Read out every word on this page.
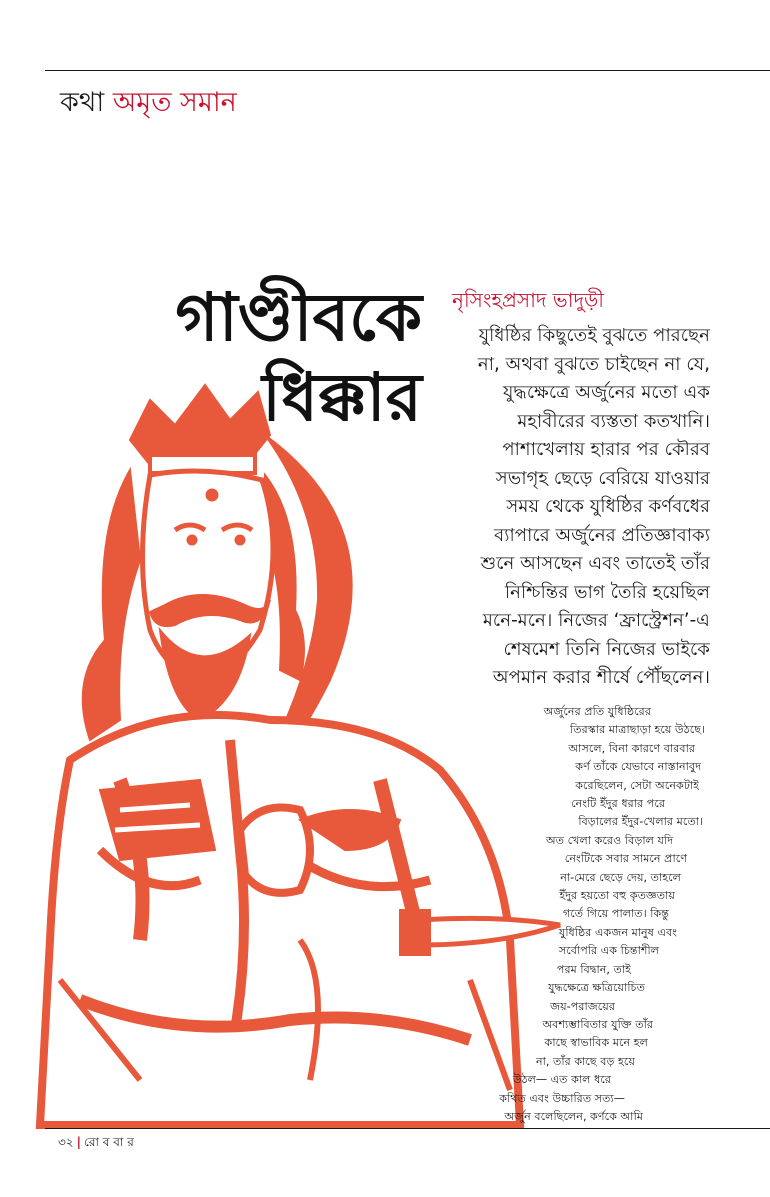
কথা অমৃত সমান
গাণ্ডীবকে
ধিক্কার
নৃসিংহপ্রসাদ ভাদুড়ী
যুধিষ্ঠির কিছুতেই বুঝতে পারছেন
না, অথবা বুঝতে চাইছেন না যে,
যুদ্ধক্ষেত্রে অর্জুনের মতো এক
মহাবীরের ব্যস্ততা কতখানি।
পাশাখেলায় হারার পর কৌরব
সভাগৃহ ছেড়ে বেরিয়ে যাওয়ার
সময় থেকে যুধিষ্ঠির কর্ণবধের
ব্যাপারে অর্জুনের প্রতিজ্ঞাবাক্য
শুনে আসছেন এবং তাতেই তাঁর
নিশ্চিন্তির ভাগ তৈরি হয়েছিল
মনে-মনে। নিজের ‘ফ্রাস্ট্রেশন’-এ
শেষমেশ তিনি নিজের ভাইকে
অপমান করার শীর্ষে পৌঁছলেন।
অর্জুনের প্রতি যুধিষ্ঠিরের
তিরস্কার মাত্রাছাড়া হয়ে উঠছে।
আসলে, বিনা কারণে বারবার
কর্ণ তাঁকে যেভাবে নাস্তানাবুদ
করেছিলেন, সেটা অনেকটাই
নেংটি ইঁদুর ধরার পরে
বিড়ালের ইঁদুর-খেলার মতো।
অত খেলা করেও বিড়াল যদি
নেংটিকে সবার সামনে প্রাণে
না-মেরে ছেড়ে দেয়, তাহলে
ইঁদুর হয়তো বহু কৃতজ্ঞতায়
গর্তে গিয়ে পালাত। কিন্তু
যুধিষ্ঠির একজন মানুষ এবং
সর্বোপরি এক চিন্তাশীল
পরম বিদ্বান, তাই
যুদ্ধক্ষেত্রে ক্ষত্রিয়োচিত
জয়-পরাজয়ের
অবশ্যম্ভাবিতার যুক্তি তাঁর
কাছে স্বাভাবিক মনে হল
না, তাঁর কাছে বড় হয়ে
উঠল— এত কাল ধরে
কথিত এবং উচ্চারিত সত্য—
অর্জুন বলেছিলেন, কর্ণকে আমি
৩২ | রো ব বা র
